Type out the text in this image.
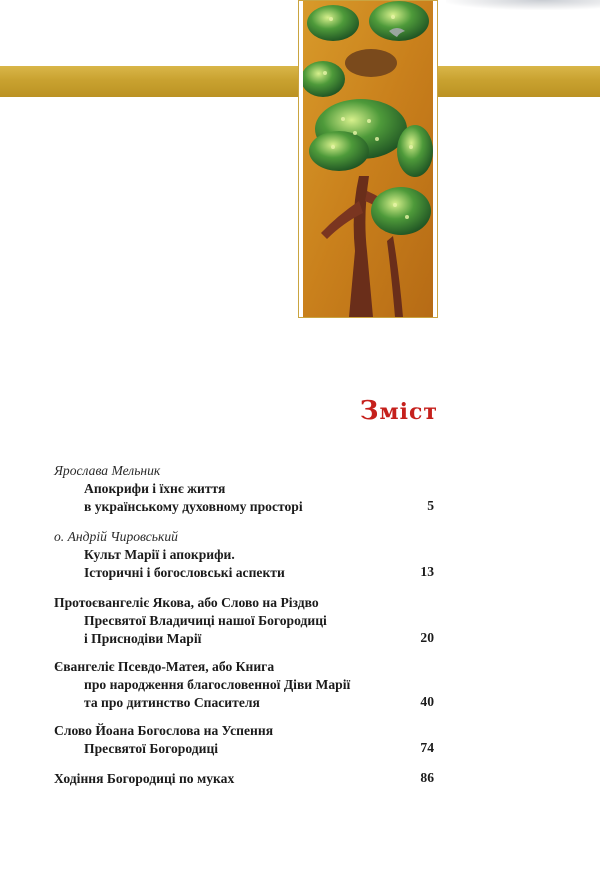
Зміст
Ярослава Мельник
Апокрифи і їхнє життя
в українському духовному просторі	5
о. Андрій Чировський
Культ Марії і апокрифи.
Історичні і богословські аспекти	13
Протоєвангеліє Якова, або Слово на Різдво
Пресвятої Владичиці нашої Богородиці
і Приснодіви Марії	20
Євангеліє Псевдо-Матея, або Книга
про народження благословенної Діви Марії
та про дитинство Спасителя	40
Слово Йоана Богослова на Успення
Пресвятої Богородиці	74
Ходіння Богородиці по муках	86
